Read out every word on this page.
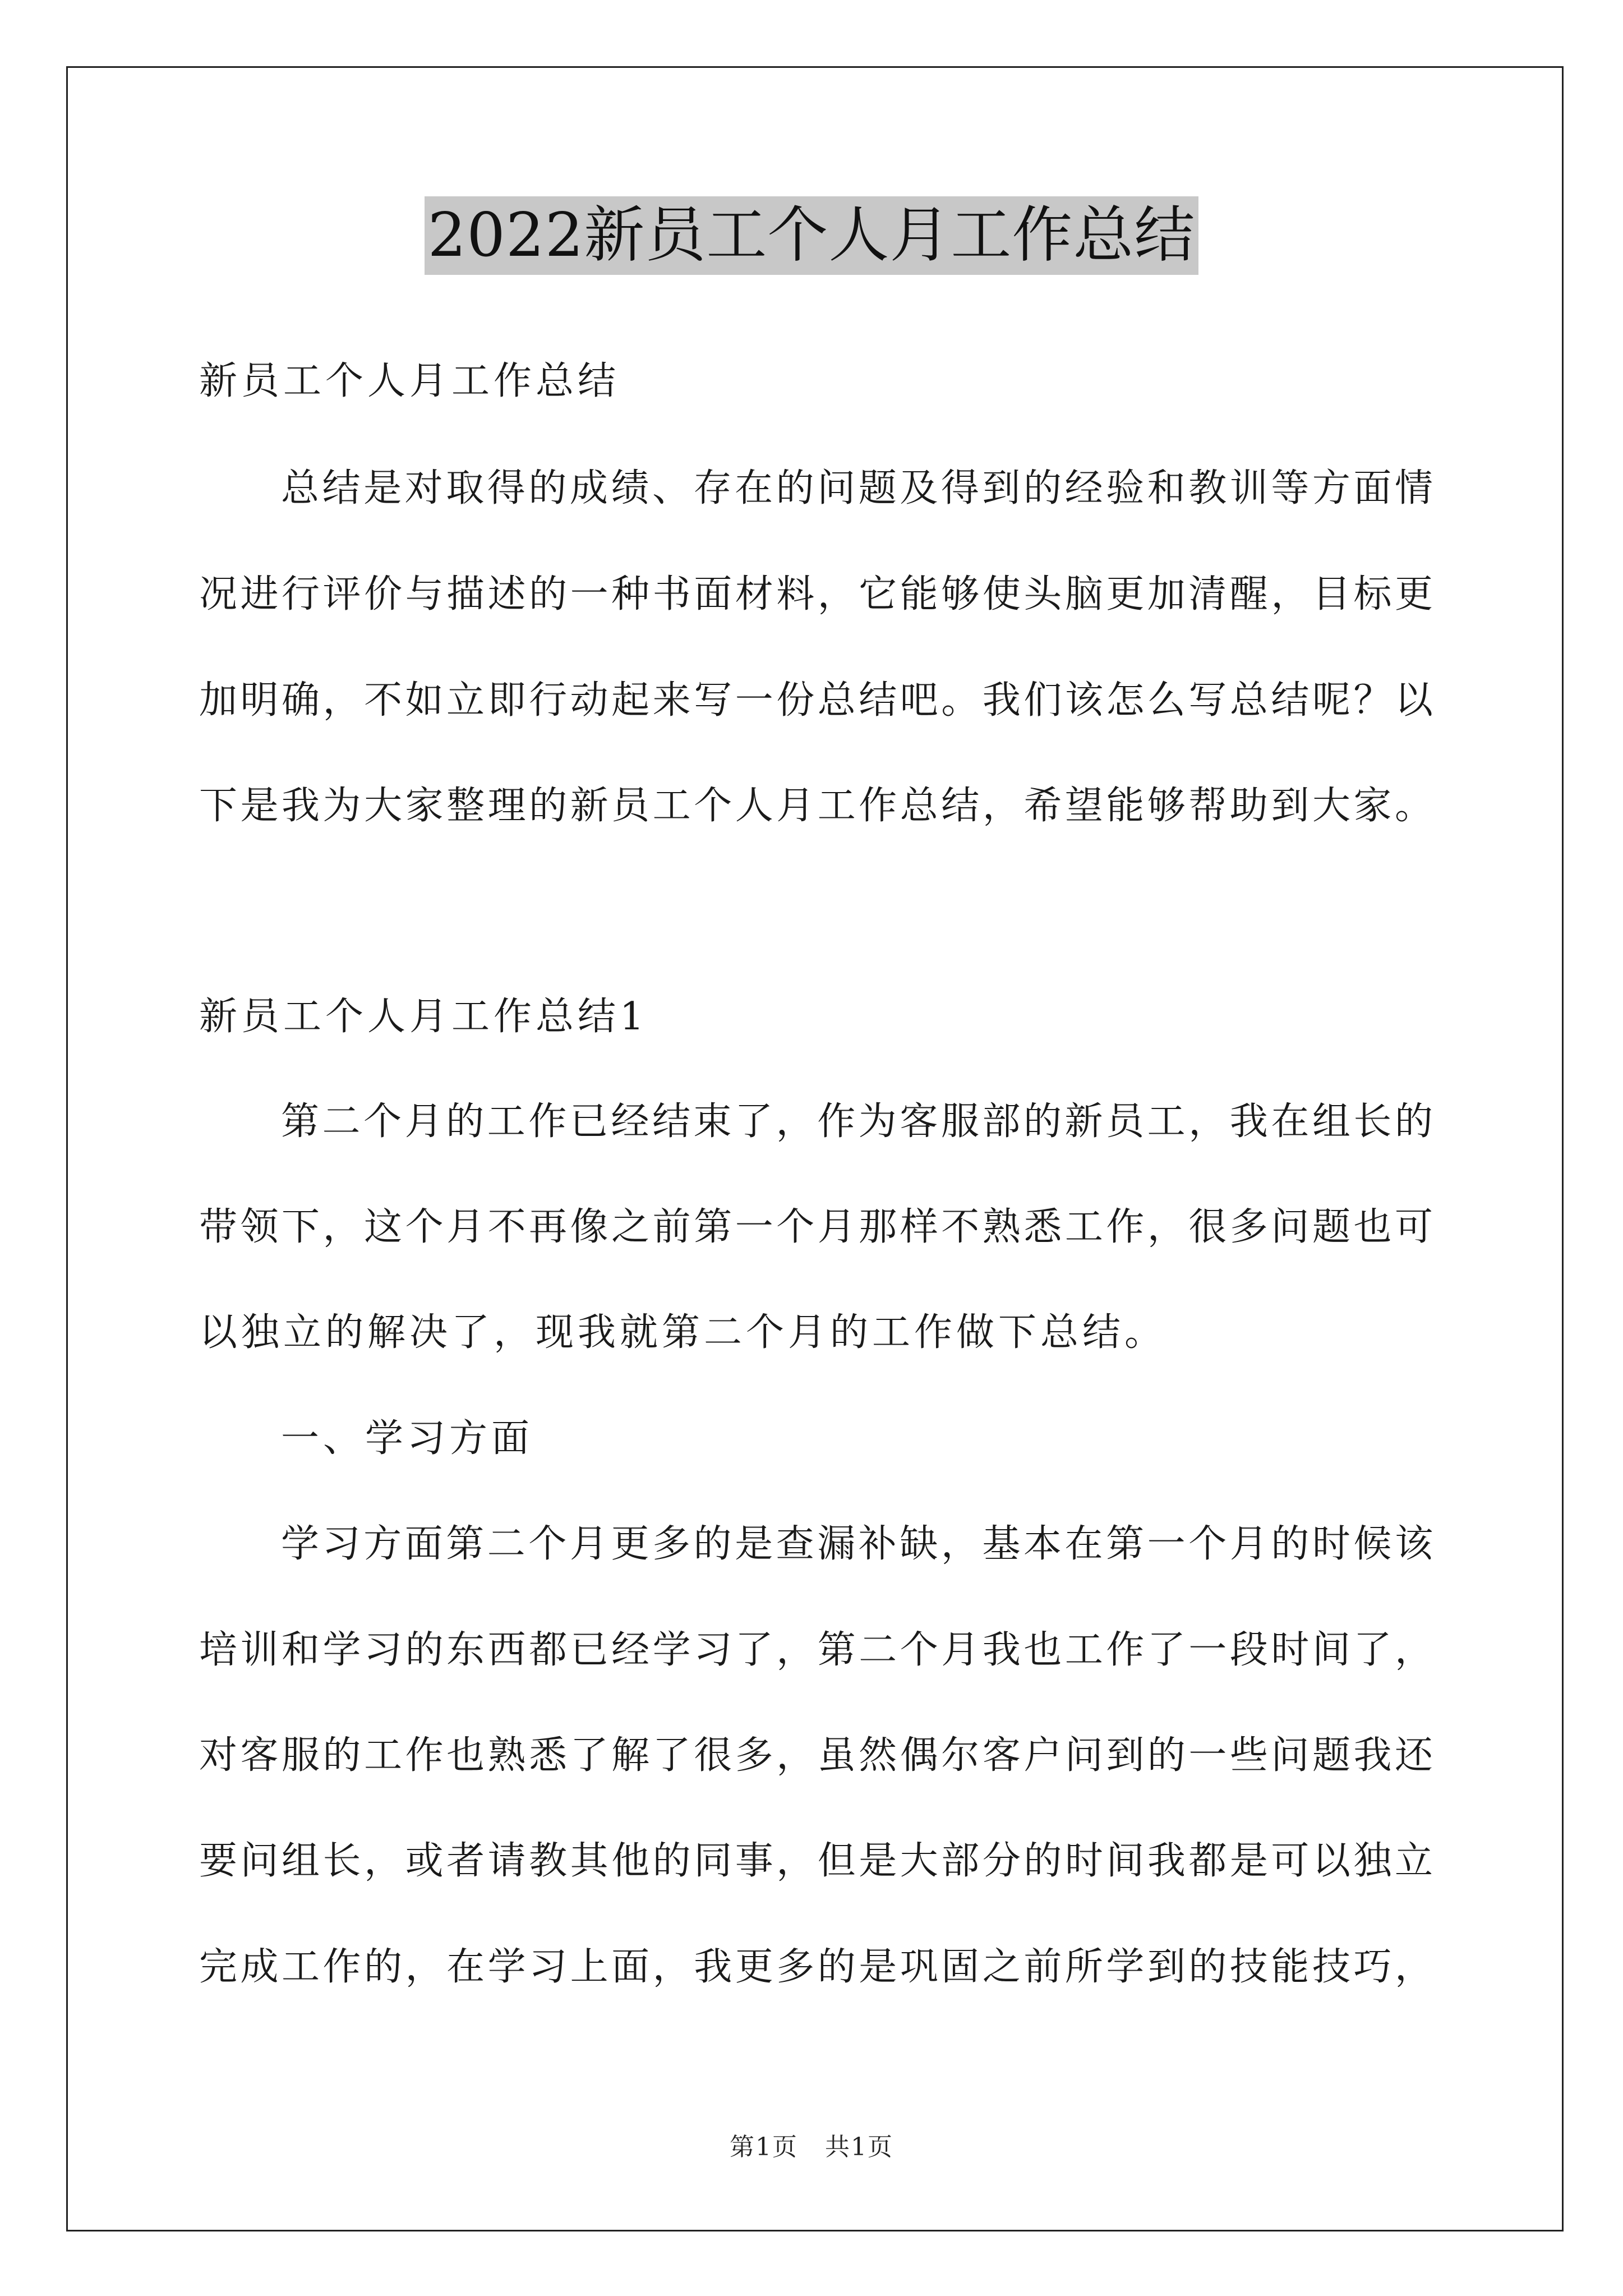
2022新员工个人月工作总结
新员工个人月工作总结
总结是对取得的成绩、存在的问题及得到的经验和教训等方面情
况进行评价与描述的一种书面材料，它能够使头脑更加清醒，目标更
加明确，不如立即行动起来写一份总结吧。我们该怎么写总结呢？以
下是我为大家整理的新员工个人月工作总结，希望能够帮助到大家。
新员工个人月工作总结1
第二个月的工作已经结束了，作为客服部的新员工，我在组长的
带领下，这个月不再像之前第一个月那样不熟悉工作，很多问题也可
以独立的解决了，现我就第二个月的工作做下总结。
一、学习方面
学习方面第二个月更多的是查漏补缺，基本在第一个月的时候该
培训和学习的东西都已经学习了，第二个月我也工作了一段时间了，
对客服的工作也熟悉了解了很多，虽然偶尔客户问到的一些问题我还
要问组长，或者请教其他的同事，但是大部分的时间我都是可以独立
完成工作的，在学习上面，我更多的是巩固之前所学到的技能技巧，
第1页 共1页
